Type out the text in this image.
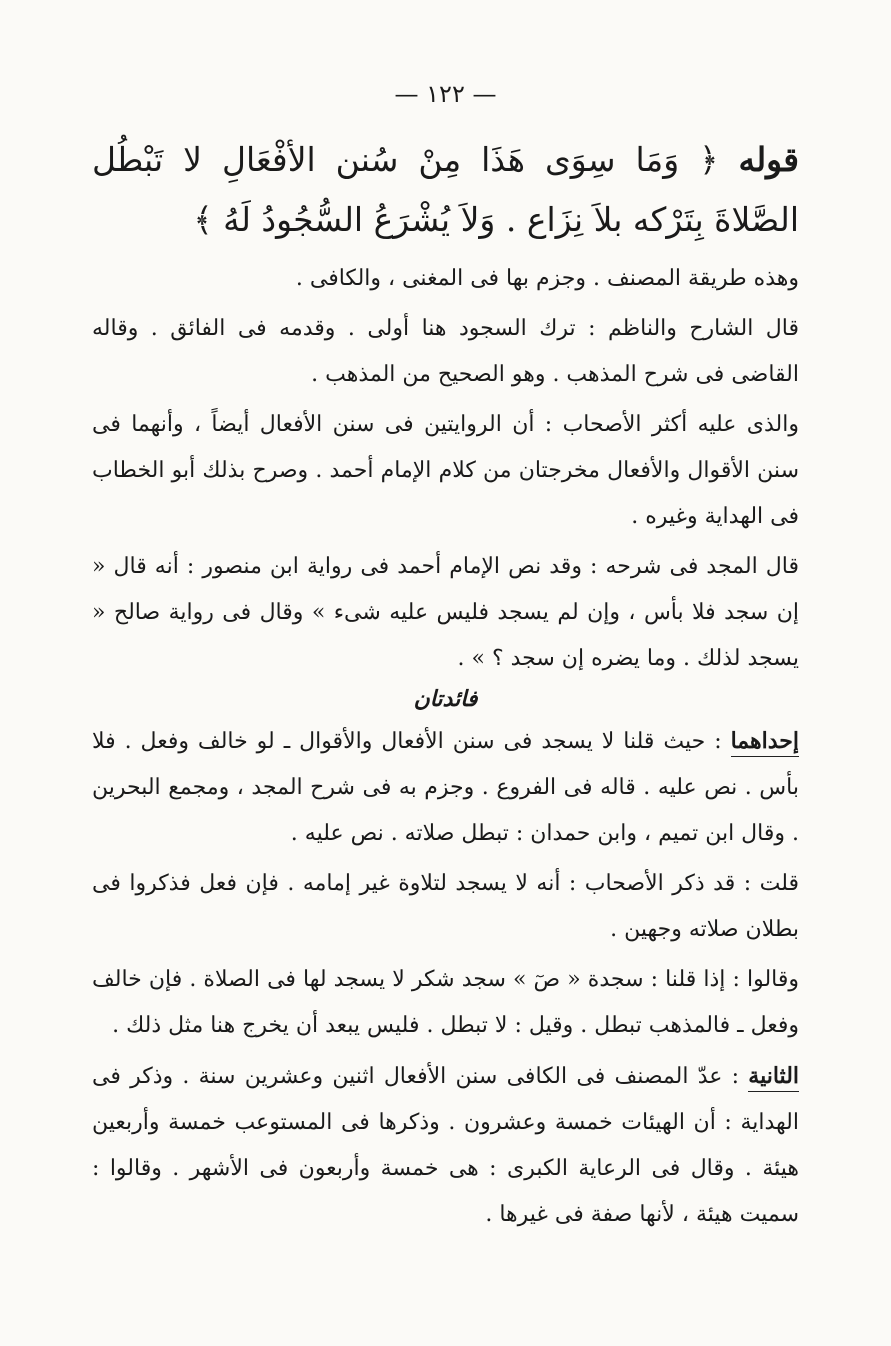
— ١٢٢ —

قوله ﴿ وَمَا سِوَى هَذَا مِنْ سُنن الأفْعَالِ لا تَبْطُل الصَّلاةَ بِتَرْكه بلاَ نِزَاع . وَلاَ يُشْرَعُ السُّجُودُ لَهُ ﴾

وهذه طريقة المصنف . وجزم بها فى المغنى ، والكافى .

قال الشارح والناظم : ترك السجود هنا أولى . وقدمه فى الفائق . وقاله القاضى فى شرح المذهب . وهو الصحيح من المذهب .

والذى عليه أكثر الأصحاب : أن الروايتين فى سنن الأفعال أيضاً ، وأنهما فى سنن الأقوال والأفعال مخرجتان من كلام الإمام أحمد . وصرح بذلك أبو الخطاب فى الهداية وغيره .

قال المجد فى شرحه : وقد نص الإمام أحمد فى رواية ابن منصور : أنه قال « إن سجد فلا بأس ، وإن لم يسجد فليس عليه شىء » وقال فى رواية صالح « يسجد لذلك . وما يضره إن سجد ؟ » .

فائدتان

إحداهما : حيث قلنا لا يسجد فى سنن الأفعال والأقوال ـ لو خالف وفعل . فلا بأس . نص عليه . قاله فى الفروع . وجزم به فى شرح المجد ، ومجمع البحرين . وقال ابن تميم ، وابن حمدان : تبطل صلاته . نص عليه .

قلت : قد ذكر الأصحاب : أنه لا يسجد لتلاوة غير إمامه . فإن فعل فذكروا فى بطلان صلاته وجهين .

وقالوا : إذا قلنا : سجدة « صٓ » سجد شكر لا يسجد لها فى الصلاة . فإن خالف وفعل ـ فالمذهب تبطل . وقيل : لا تبطل . فليس يبعد أن يخرج هنا مثل ذلك .

الثانية : عدّ المصنف فى الكافى سنن الأفعال اثنين وعشرين سنة . وذكر فى الهداية : أن الهيئات خمسة وعشرون . وذكرها فى المستوعب خمسة وأربعين هيئة . وقال فى الرعاية الكبرى : هى خمسة وأربعون فى الأشهر . وقالوا : سميت هيئة ، لأنها صفة فى غيرها .
